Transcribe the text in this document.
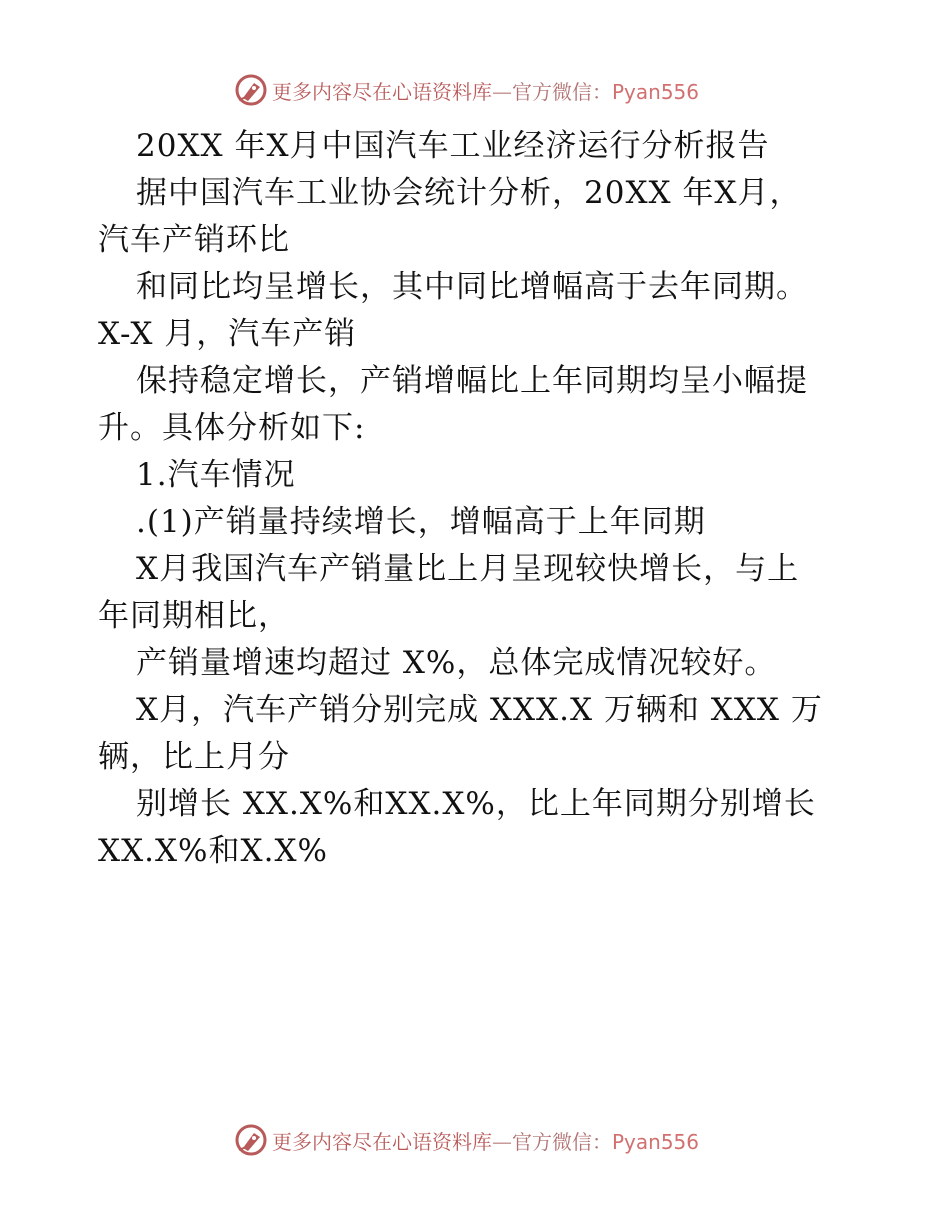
更多内容尽在心语资料库—官方微信：Pyan556
20XX 年X月中国汽车工业经济运行分析报告
据中国汽车工业协会统计分析，20XX 年X月，
汽车产销环比
和同比均呈增长，其中同比增幅高于去年同期。
X-X 月，汽车产销
保持稳定增长，产销增幅比上年同期均呈小幅提
升。具体分析如下:
1.汽车情况
.(1)产销量持续增长，增幅高于上年同期
X月我国汽车产销量比上月呈现较快增长，与上
年同期相比，
产销量增速均超过 X%，总体完成情况较好。
X月，汽车产销分别完成 XXX.X 万辆和 XXX 万
辆，比上月分
别增长 XX.X%和XX.X%，比上年同期分别增长
XX.X%和X.X%
更多内容尽在心语资料库—官方微信：Pyan556
